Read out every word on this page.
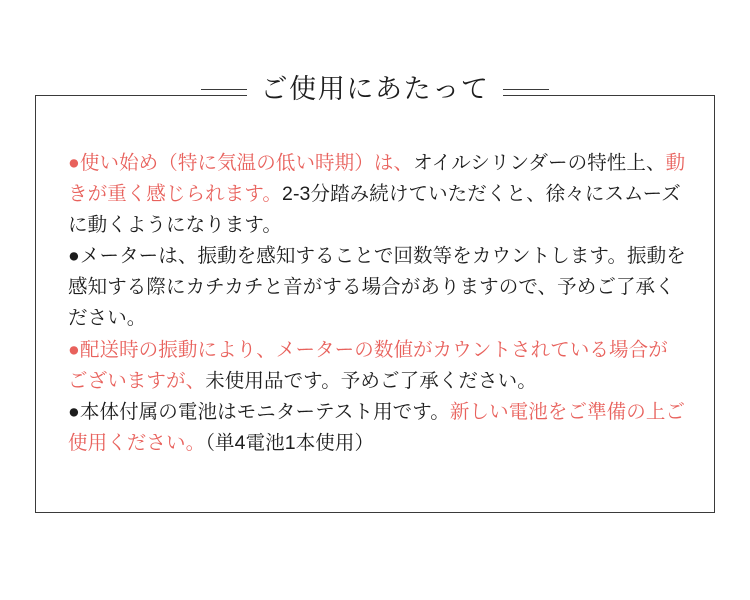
ご使用にあたって
●使い始め（特に気温の低い時期）は、オイルシリンダーの特性上、動きが重く感じられます。2-3分踏み続けていただくと、徐々にスムーズに動くようになります。
●メーターは、振動を感知することで回数等をカウントします。振動を感知する際にカチカチと音がする場合がありますので、予めご了承ください。
●配送時の振動により、メーターの数値がカウントされている場合がございますが、未使用品です。予めご了承ください。
●本体付属の電池はモニターテスト用です。新しい電池をご準備の上ご使用ください。（単4電池1本使用）
